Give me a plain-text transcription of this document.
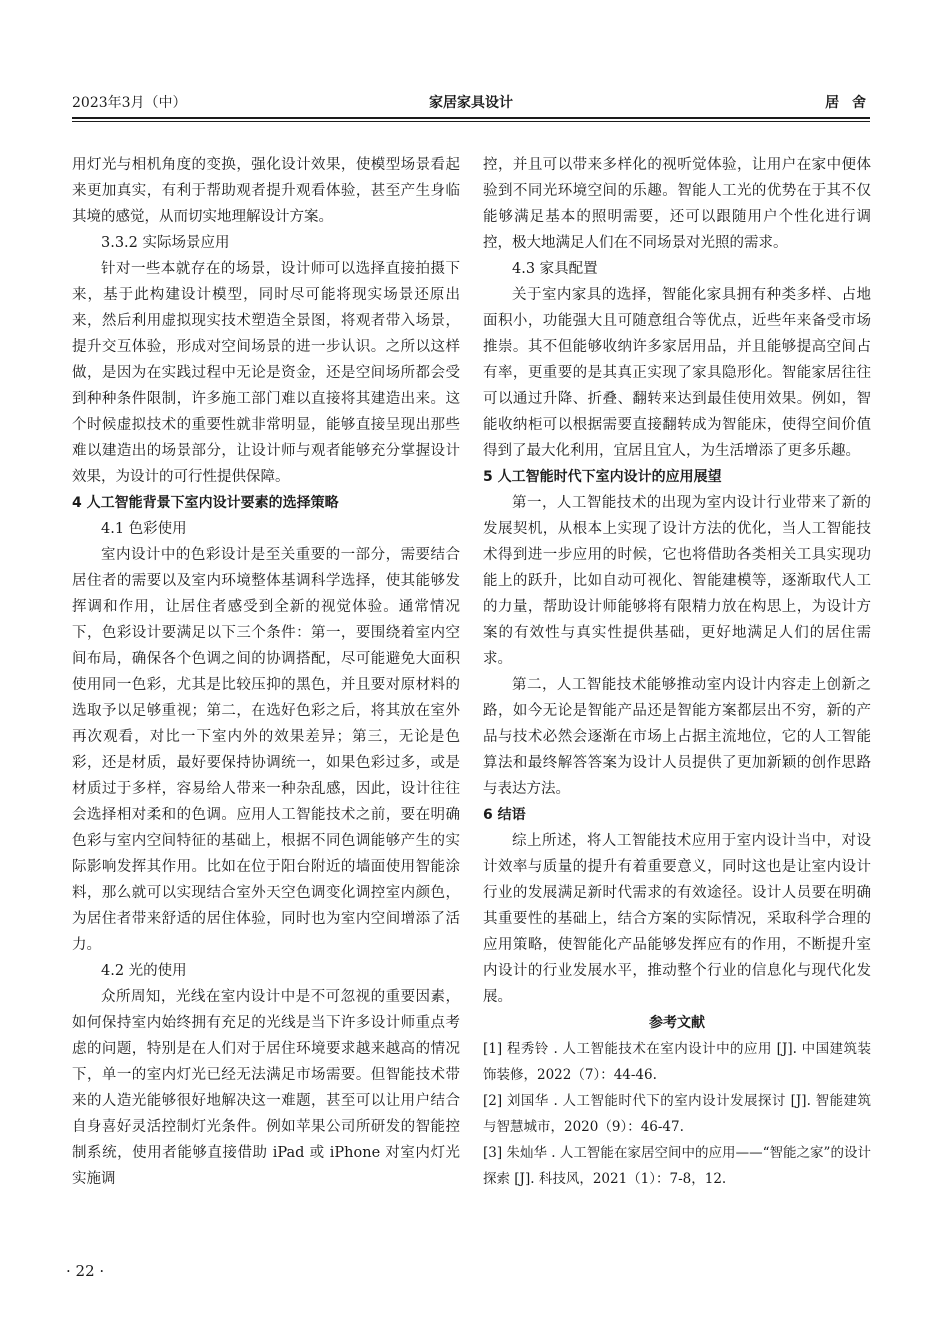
2023年3月（中）	家居家具设计	居 舍

用灯光与相机角度的变换，强化设计效果，使模型场景看起来更加真实，有利于帮助观者提升观看体验，甚至产生身临其境的感觉，从而切实地理解设计方案。

3.3.2 实际场景应用

针对一些本就存在的场景，设计师可以选择直接拍摄下来，基于此构建设计模型，同时尽可能将现实场景还原出来，然后利用虚拟现实技术塑造全景图，将观者带入场景，提升交互体验，形成对空间场景的进一步认识。之所以这样做，是因为在实践过程中无论是资金，还是空间场所都会受到种种条件限制，许多施工部门难以直接将其建造出来。这个时候虚拟技术的重要性就非常明显，能够直接呈现出那些难以建造出的场景部分，让设计师与观者能够充分掌握设计效果，为设计的可行性提供保障。

4 人工智能背景下室内设计要素的选择策略

4.1 色彩使用

室内设计中的色彩设计是至关重要的一部分，需要结合居住者的需要以及室内环境整体基调科学选择，使其能够发挥调和作用，让居住者感受到全新的视觉体验。通常情况下，色彩设计要满足以下三个条件：第一，要围绕着室内空间布局，确保各个色调之间的协调搭配，尽可能避免大面积使用同一色彩，尤其是比较压抑的黑色，并且要对原材料的选取予以足够重视；第二，在选好色彩之后，将其放在室外再次观看，对比一下室内外的效果差异；第三，无论是色彩，还是材质，最好要保持协调统一，如果色彩过多，或是材质过于多样，容易给人带来一种杂乱感，因此，设计往往会选择相对柔和的色调。应用人工智能技术之前，要在明确色彩与室内空间特征的基础上，根据不同色调能够产生的实际影响发挥其作用。比如在位于阳台附近的墙面使用智能涂料，那么就可以实现结合室外天空色调变化调控室内颜色，为居住者带来舒适的居住体验，同时也为室内空间增添了活力。

4.2 光的使用

众所周知，光线在室内设计中是不可忽视的重要因素，如何保持室内始终拥有充足的光线是当下许多设计师重点考虑的问题，特别是在人们对于居住环境要求越来越高的情况下，单一的室内灯光已经无法满足市场需要。但智能技术带来的人造光能够很好地解决这一难题，甚至可以让用户结合自身喜好灵活控制灯光条件。例如苹果公司所研发的智能控制系统，使用者能够直接借助 iPad 或 iPhone 对室内灯光实施调

控，并且可以带来多样化的视听觉体验，让用户在家中便体验到不同光环境空间的乐趣。智能人工光的优势在于其不仅能够满足基本的照明需要，还可以跟随用户个性化进行调控，极大地满足人们在不同场景对光照的需求。

4.3 家具配置

关于室内家具的选择，智能化家具拥有种类多样、占地面积小，功能强大且可随意组合等优点，近些年来备受市场推崇。其不但能够收纳许多家居用品，并且能够提高空间占有率，更重要的是其真正实现了家具隐形化。智能家居往往可以通过升降、折叠、翻转来达到最佳使用效果。例如，智能收纳柜可以根据需要直接翻转成为智能床，使得空间价值得到了最大化利用，宜居且宜人，为生活增添了更多乐趣。

5 人工智能时代下室内设计的应用展望

第一，人工智能技术的出现为室内设计行业带来了新的发展契机，从根本上实现了设计方法的优化，当人工智能技术得到进一步应用的时候，它也将借助各类相关工具实现功能上的跃升，比如自动可视化、智能建模等，逐渐取代人工的力量，帮助设计师能够将有限精力放在构思上，为设计方案的有效性与真实性提供基础，更好地满足人们的居住需求。

第二，人工智能技术能够推动室内设计内容走上创新之路，如今无论是智能产品还是智能方案都层出不穷，新的产品与技术必然会逐渐在市场上占据主流地位，它的人工智能算法和最终解答答案为设计人员提供了更加新颖的创作思路与表达方法。

6 结语

综上所述，将人工智能技术应用于室内设计当中，对设计效率与质量的提升有着重要意义，同时这也是让室内设计行业的发展满足新时代需求的有效途径。设计人员要在明确其重要性的基础上，结合方案的实际情况，采取科学合理的应用策略，使智能化产品能够发挥应有的作用，不断提升室内设计的行业发展水平，推动整个行业的信息化与现代化发展。

参考文献

[1] 程秀铃 . 人工智能技术在室内设计中的应用 [J]. 中国建筑装饰装修，2022（7）：44-46.

[2] 刘国华 . 人工智能时代下的室内设计发展探讨 [J]. 智能建筑与智慧城市，2020（9）：46-47.

[3] 朱灿华 . 人工智能在家居空间中的应用——“智能之家”的设计探索 [J]. 科技风，2021（1）：7-8，12.

· 22 ·
